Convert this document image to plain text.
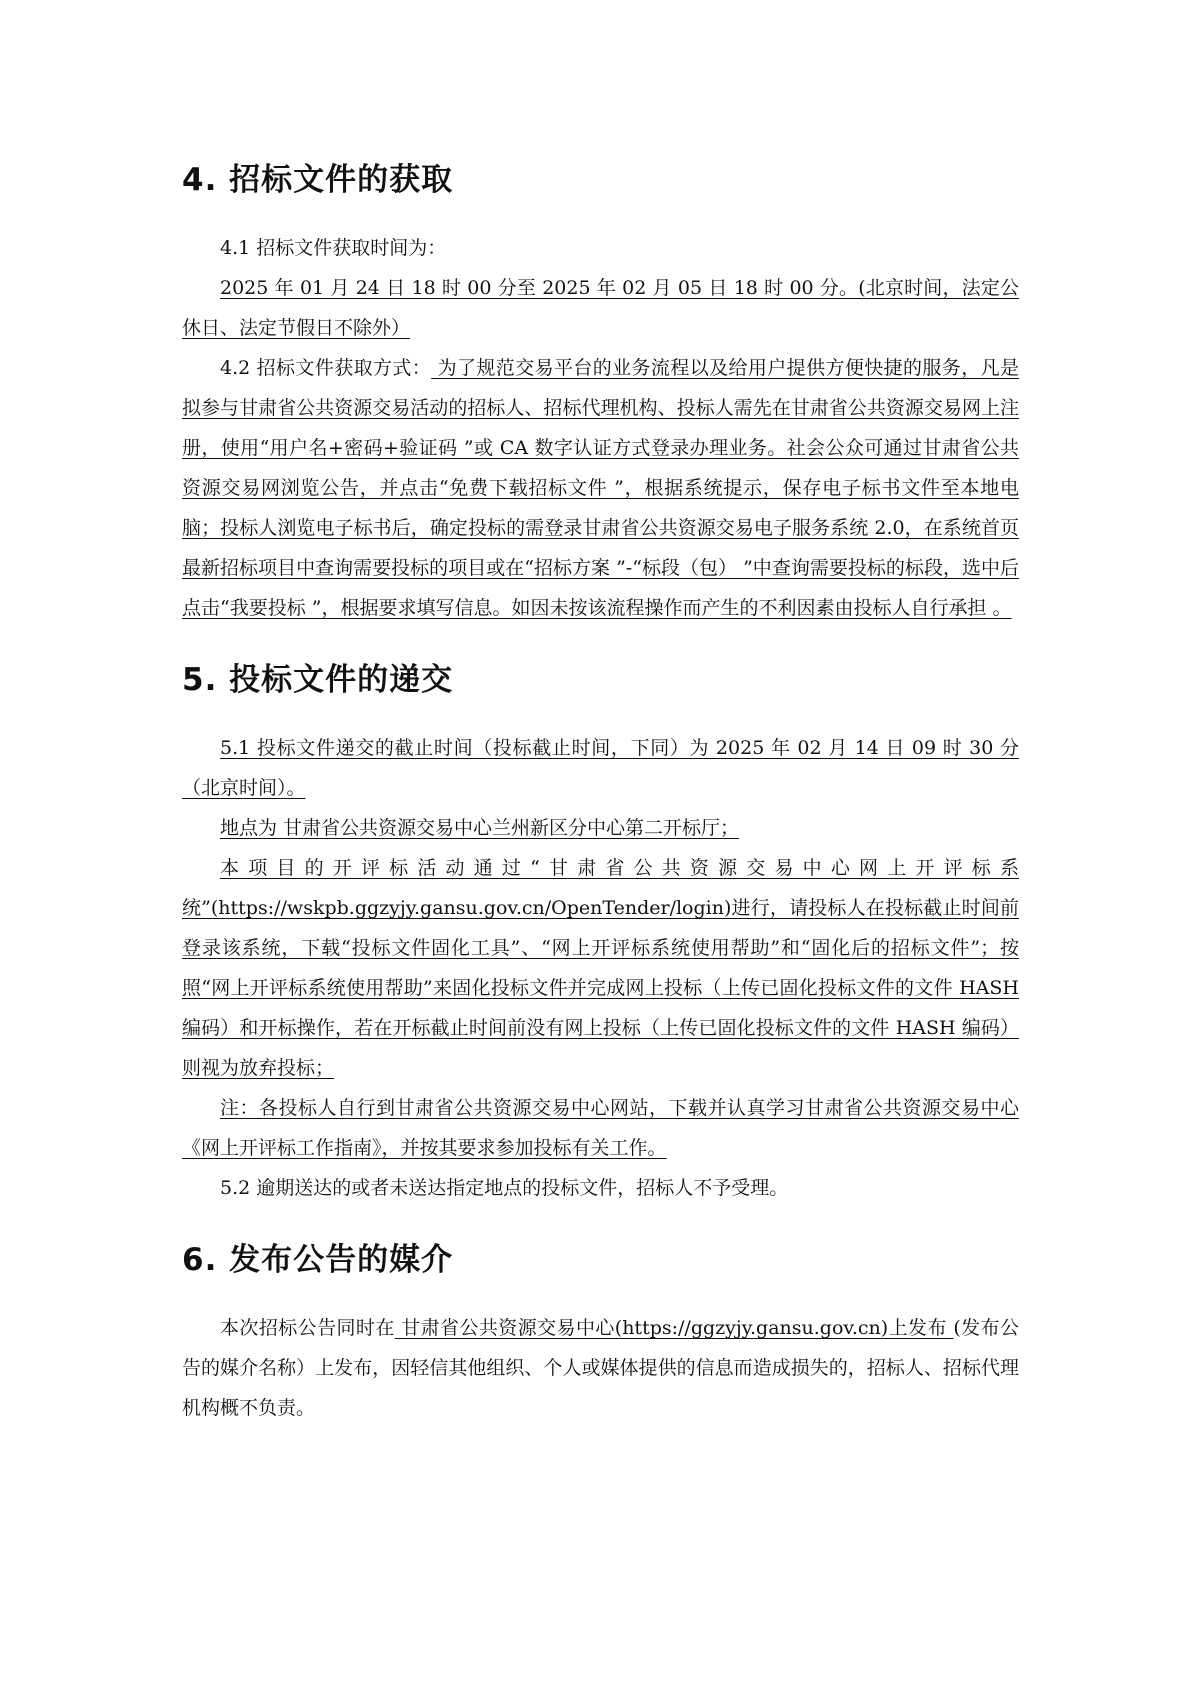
4. 招标文件的获取

4.1 招标文件获取时间为：

2025 年 01 月 24 日 18 时 00 分至 2025 年 02 月 05 日 18 时 00 分。(北京时间，法定公休日、法定节假日不除外）

4.2 招标文件获取方式： 为了规范交易平台的业务流程以及给用户提供方便快捷的服务，凡是拟参与甘肃省公共资源交易活动的招标人、招标代理机构、投标人需先在甘肃省公共资源交易网上注册，使用“用户名+密码+验证码 ”或 CA 数字认证方式登录办理业务。社会公众可通过甘肃省公共资源交易网浏览公告，并点击“免费下载招标文件 ”，根据系统提示，保存电子标书文件至本地电 脑；投标人浏览电子标书后，确定投标的需登录甘肃省公共资源交易电子服务系统 2.0，在系统首页最新招标项目中查询需要投标的项目或在“招标方案 ”-“标段（包） ”中查询需要投标的标段，选中后点击“我要投标 ”，根据要求填写信息。如因未按该流程操作而产生的不利因素由投标人自行承担 。

5. 投标文件的递交

5.1 投标文件递交的截止时间（投标截止时间，下同）为 2025 年 02 月 14 日 09 时 30 分（北京时间）。

地点为 甘肃省公共资源交易中心兰州新区分中心第二开标厅；

本项目的开评标活动通过“甘肃省公共资源交易中心网上开评标系统”(https://wskpb.ggzyjy.gansu.gov.cn/OpenTender/login)进行，请投标人在投标截止时间前登录该系统，下载“投标文件固化工具”、“网上开评标系统使用帮助”和“固化后的招标文件”；按照“网上开评标系统使用帮助”来固化投标文件并完成网上投标（上传已固化投标文件的文件 HASH 编码）和开标操作，若在开标截止时间前没有网上投标（上传已固化投标文件的文件 HASH 编码）则视为放弃投标；

注：各投标人自行到甘肃省公共资源交易中心网站，下载并认真学习甘肃省公共资源交易中心《网上开评标工作指南》，并按其要求参加投标有关工作。

5.2 逾期送达的或者未送达指定地点的投标文件，招标人不予受理。

6. 发布公告的媒介

本次招标公告同时在 甘肃省公共资源交易中心(https://ggzyjy.gansu.gov.cn)上发布 (发布公告的媒介名称）上发布，因轻信其他组织、个人或媒体提供的信息而造成损失的，招标人、招标代理机构概不负责。
